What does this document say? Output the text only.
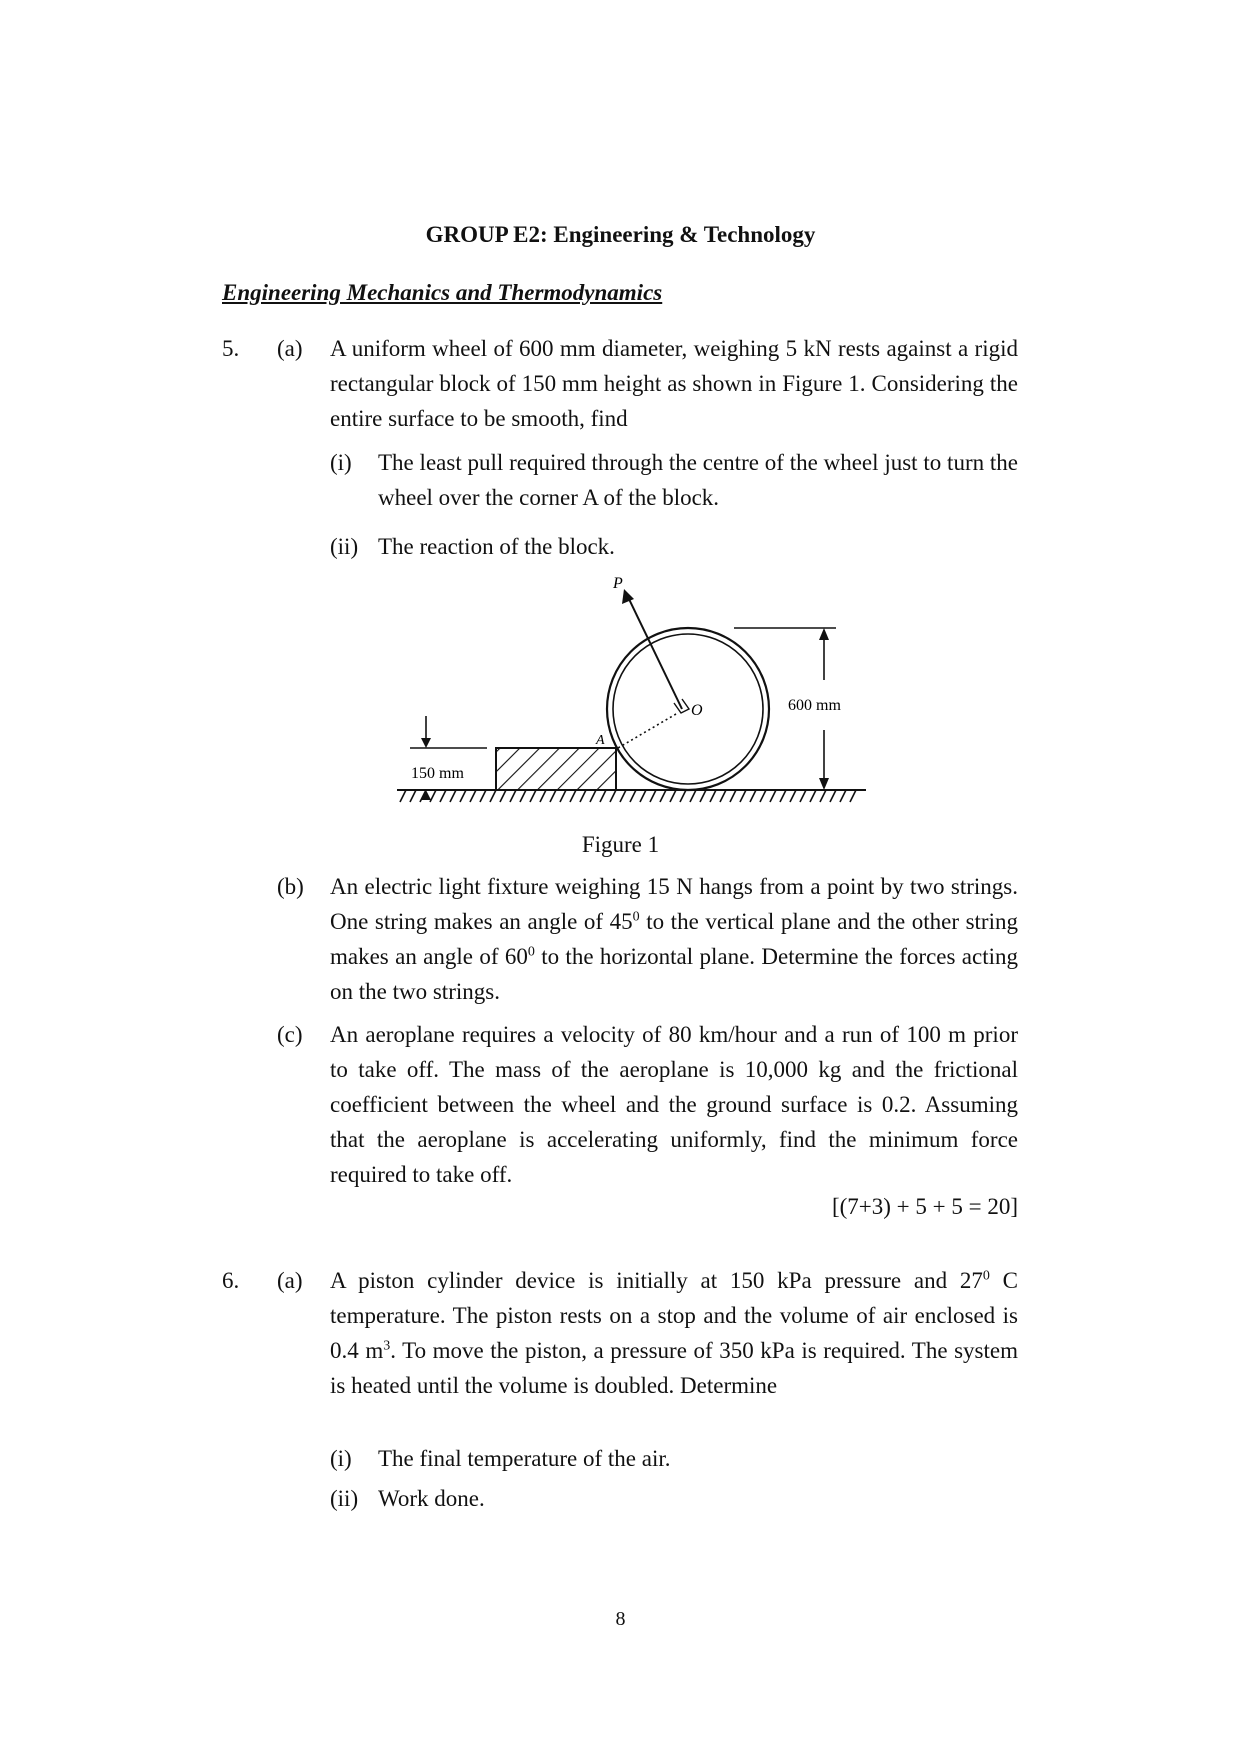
GROUP E2: Engineering & Technology
Engineering Mechanics and Thermodynamics
5. (a) A uniform wheel of 600 mm diameter, weighing 5 kN rests against a rigid rectangular block of 150 mm height as shown in Figure 1. Considering the entire surface to be smooth, find
(i) The least pull required through the centre of the wheel just to turn the wheel over the corner A of the block.
(ii) The reaction of the block.
P
O
A
150 mm
600 mm
Figure 1
(b) An electric light fixture weighing 15 N hangs from a point by two strings. One string makes an angle of $45^0$ to the vertical plane and the other string makes an angle of $60^0$ to the horizontal plane. Determine the forces acting on the two strings.
(c) An aeroplane requires a velocity of 80 km/hour and a run of 100 m prior to take off. The mass of the aeroplane is 10,000 kg and the frictional coefficient between the wheel and the ground surface is 0.2. Assuming that the aeroplane is accelerating uniformly, find the minimum force required to take off.
[(7+3) + 5 + 5 = 20]
6. (a) A piston cylinder device is initially at 150 kPa pressure and $27^0$ C temperature. The piston rests on a stop and the volume of air enclosed is 0.4 $m^3$. To move the piston, a pressure of 350 kPa is required. The system is heated until the volume is doubled. Determine
(i) The final temperature of the air.
(ii) Work done.
8
